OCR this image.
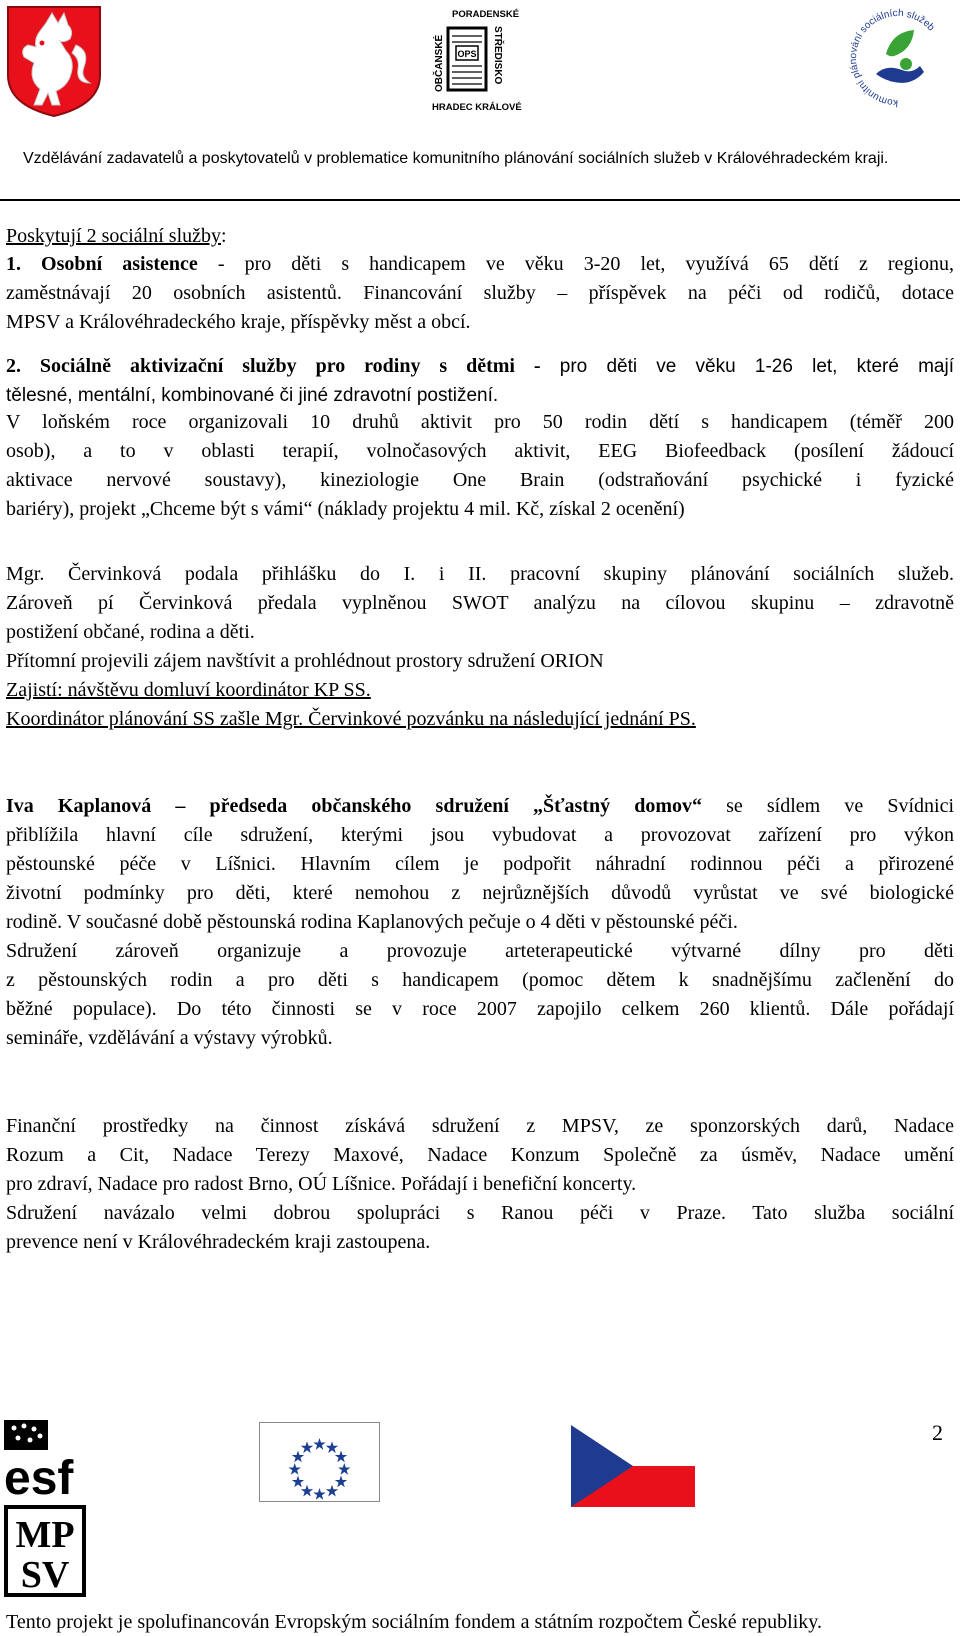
OPS
OBČANSKÉ
PORADENSKÉ
STŘEDISKO
HRADEC KRÁLOVÉ	komunitní plánování sociálních služeb
Vzdělávání zadavatelů a poskytovatelů v problematice komunitního plánování sociálních služeb v Královéhradeckém kraji.
Poskytují 2 sociální služby:
1. Osobní asistence - pro děti s handicapem ve věku 3-20 let, využívá 65 dětí z regionu,
zaměstnávají 20 osobních asistentů. Financování služby – příspěvek na péči od rodičů, dotace
MPSV a Královéhradeckého kraje, příspěvky měst a obcí.
2. Sociálně aktivizační služby pro rodiny s dětmi - pro děti ve věku 1-26 let, které mají
tělesné, mentální, kombinované či jiné zdravotní postižení.
V loňském roce organizovali 10 druhů aktivit pro 50 rodin dětí s handicapem (téměř 200
osob), a to v oblasti terapií, volnočasových aktivit, EEG Biofeedback (posílení žádoucí
aktivace nervové soustavy), kineziologie One Brain (odstraňování psychické i fyzické
bariéry), projekt „Chceme být s vámi“ (náklady projektu 4 mil. Kč, získal 2 ocenění)
Mgr. Červinková podala přihlášku do I. i II. pracovní skupiny plánování sociálních služeb.
Zároveň pí Červinková předala vyplněnou SWOT analýzu na cílovou skupinu – zdravotně
postižení občané, rodina a děti.
Přítomní projevili zájem navštívit a prohlédnout prostory sdružení ORION
Zajistí: návštěvu domluví koordinátor KP SS.
Koordinátor plánování SS zašle Mgr. Červinkové pozvánku na následující jednání PS.
Iva Kaplanová – předseda občanského sdružení „Šťastný domov“ se sídlem ve Svídnici
přiblížila hlavní cíle sdružení, kterými jsou vybudovat a provozovat zařízení pro výkon
pěstounské péče v Líšnici. Hlavním cílem je podpořit náhradní rodinnou péči a přirozené
životní podmínky pro děti, které nemohou z nejrůznějších důvodů vyrůstat ve své biologické
rodině. V současné době pěstounská rodina Kaplanových pečuje o 4 děti v pěstounské péči.
Sdružení zároveň organizuje a provozuje arteterapeutické výtvarné dílny pro děti
z pěstounských rodin a pro děti s handicapem (pomoc dětem k snadnějšímu začlenění do
běžné populace). Do této činnosti se v roce 2007 zapojilo celkem 260 klientů. Dále pořádají
semináře, vzdělávání a výstavy výrobků.
Finanční prostředky na činnost získává sdružení z MPSV, ze sponzorských darů, Nadace
Rozum a Cit, Nadace Terezy Maxové, Nadace Konzum Společně za úsměv, Nadace umění
pro zdraví, Nadace pro radost Brno, OÚ Líšnice. Pořádají i benefiční koncerty.
Sdružení navázalo velmi dobrou spolupráci s Ranou péči v Praze. Tato služba sociální
prevence není v Královéhradeckém kraji zastoupena.
2
esf
MP
SV
Tento projekt je spolufinancován Evropským sociálním fondem a státním rozpočtem České republiky.
